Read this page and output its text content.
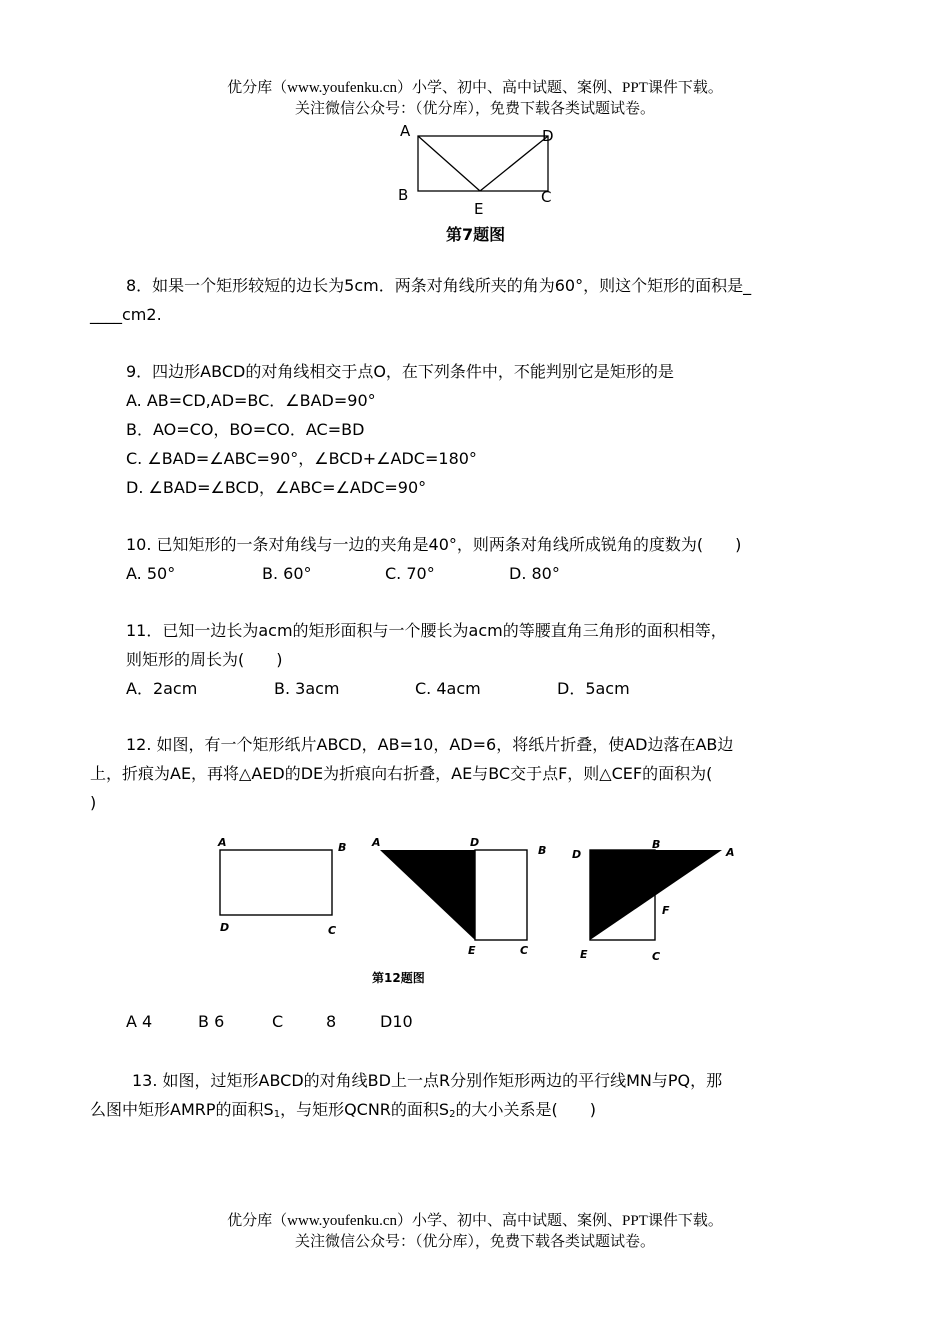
优分库（www.youfenku.cn）小学、初中、高中试题、案例、PPT课件下载。
关注微信公众号：（优分库），免费下载各类试题试卷。
A	D
B	C
E
第7题图
8．如果一个矩形较短的边长为5cm．两条对角线所夹的角为60°，则这个矩形的面积是_
____cm2.
9．四边形ABCD的对角线相交于点O，在下列条件中，不能判别它是矩形的是
A. AB=CD,AD=BC．∠BAD=90°
B．AO=CO，BO=CO．AC=BD
C. ∠BAD=∠ABC=90°，∠BCD+∠ADC=180°
D. ∠BAD=∠BCD，∠ABC=∠ADC=90°
10. 已知矩形的一条对角线与一边的夹角是40°，则两条对角线所成锐角的度数为(　　)
A. 50°	B. 60°	C. 70°	D. 80°
11．已知一边长为acm的矩形面积与一个腰长为acm的等腰直角三角形的面积相等，
则矩形的周长为(　　)
A．2acm	B. 3acm	C. 4acm	D．5acm
12. 如图，有一个矩形纸片ABCD，AB=10，AD=6，将纸片折叠，使AD边落在AB边
上，折痕为AE，再将△AED的DE为折痕向右折叠，AE与BC交于点F，则△CEF的面积为(
)
A	B
D	C
A	D
B
E	C
D
B
A
F
E	C
第12题图
A 4	B 6	C	8	D10
13. 如图，过矩形ABCD的对角线BD上一点R分别作矩形两边的平行线MN与PQ，那
么图中矩形AMRP的面积$S_1$，与矩形QCNR的面积$S_2$的大小关系是(　　)
优分库（www.youfenku.cn）小学、初中、高中试题、案例、PPT课件下载。
关注微信公众号：（优分库），免费下载各类试题试卷。
